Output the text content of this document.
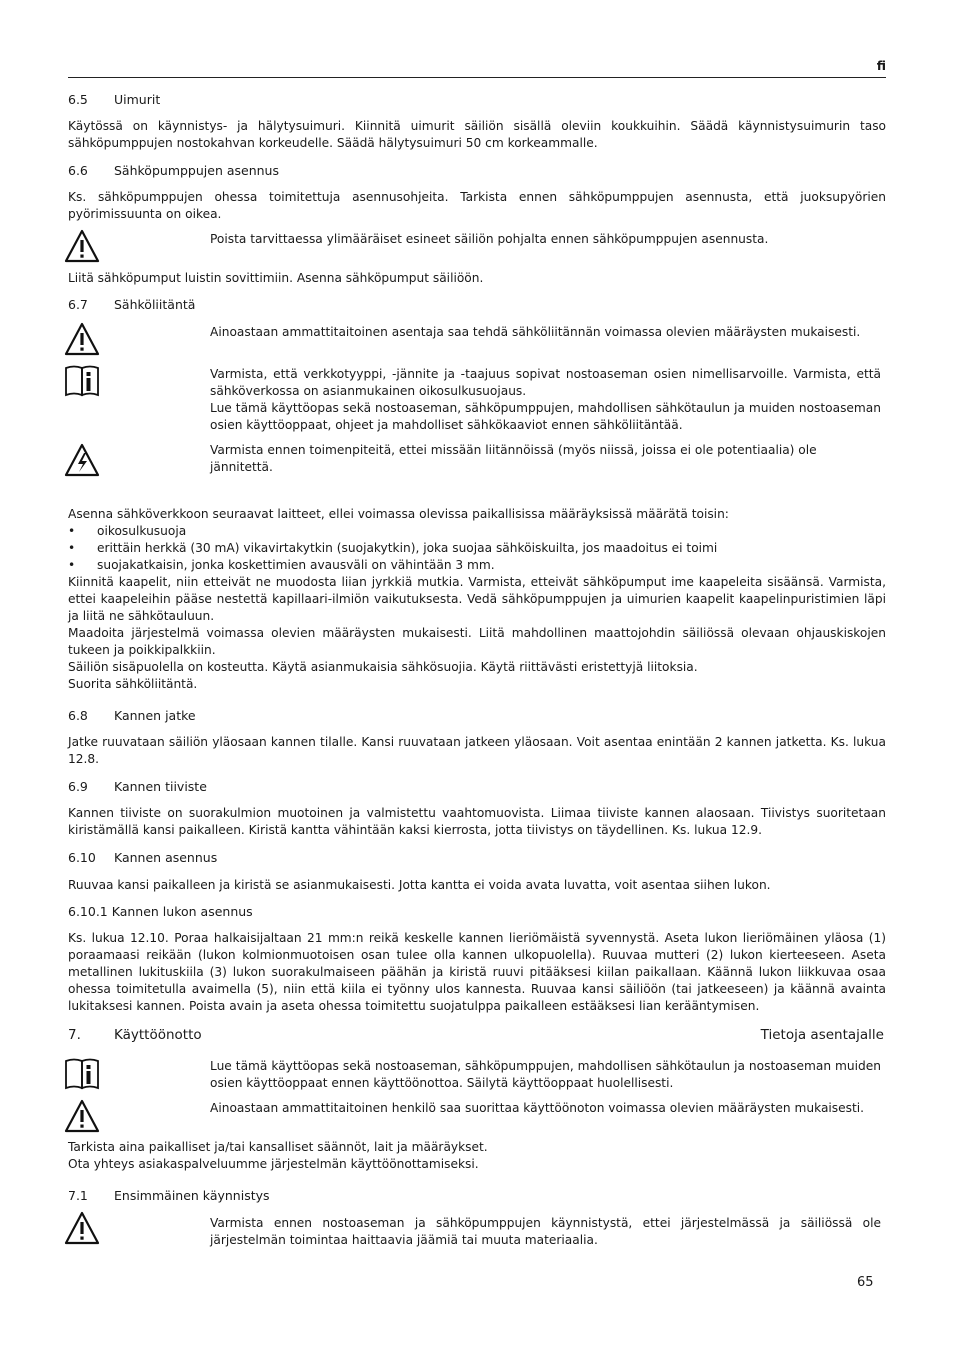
fi
6.5 Uimurit
Käytössä on käynnistys- ja hälytysuimuri. Kiinnitä uimurit säiliön sisällä oleviin koukkuihin. Säädä käynnistysuimurin taso sähköpumppujen nostokahvan korkeudelle. Säädä hälytysuimuri 50 cm korkeammalle.
6.6 Sähköpumppujen asennus
Ks. sähköpumppujen ohessa toimitettuja asennusohjeita. Tarkista ennen sähköpumppujen asennusta, että juoksupyörien pyörimissuunta on oikea.
Poista tarvittaessa ylimääräiset esineet säiliön pohjalta ennen sähköpumppujen asennusta.
Liitä sähköpumput luistin sovittimiin. Asenna sähköpumput säiliöön.
6.7 Sähköliitäntä
Ainoastaan ammattitaitoinen asentaja saa tehdä sähköliitännän voimassa olevien määräysten mukaisesti.
Varmista, että verkkotyyppi, -jännite ja -taajuus sopivat nostoaseman osien nimellisarvoille. Varmista, että sähköverkossa on asianmukainen oikosulkusuojaus.
Lue tämä käyttöopas sekä nostoaseman, sähköpumppujen, mahdollisen sähkötaulun ja muiden nostoaseman osien käyttöoppaat, ohjeet ja mahdolliset sähkökaaviot ennen sähköliitäntää.
Varmista ennen toimenpiteitä, ettei missään liitännöissä (myös niissä, joissa ei ole potentiaalia) ole jännitettä.
Asenna sähköverkkoon seuraavat laitteet, ellei voimassa olevissa paikallisissa määräyksissä määrätä toisin:
• oikosulkusuoja
• erittäin herkkä (30 mA) vikavirtakytkin (suojakytkin), joka suojaa sähköiskuilta, jos maadoitus ei toimi
• suojakatkaisin, jonka koskettimien avausväli on vähintään 3 mm.
Kiinnitä kaapelit, niin etteivät ne muodosta liian jyrkkiä mutkia. Varmista, etteivät sähköpumput ime kaapeleita sisäänsä. Varmista, ettei kaapeleihin pääse nestettä kapillaari-ilmiön vaikutuksesta. Vedä sähköpumppujen ja uimurien kaapelit kaapelinpuristimien läpi ja liitä ne sähkötauluun.
Maadoita järjestelmä voimassa olevien määräysten mukaisesti. Liitä mahdollinen maattojohdin säiliössä olevaan ohjauskiskojen tukeen ja poikkipalkkiin.
Säiliön sisäpuolella on kosteutta. Käytä asianmukaisia sähkösuojia. Käytä riittävästi eristettyjä liitoksia.
Suorita sähköliitäntä.
6.8 Kannen jatke
Jatke ruuvataan säiliön yläosaan kannen tilalle. Kansi ruuvataan jatkeen yläosaan. Voit asentaa enintään 2 kannen jatketta. Ks. lukua 12.8.
6.9 Kannen tiiviste
Kannen tiiviste on suorakulmion muotoinen ja valmistettu vaahtomuovista. Liimaa tiiviste kannen alaosaan. Tiivistys suoritetaan kiristämällä kansi paikalleen. Kiristä kantta vähintään kaksi kierrosta, jotta tiivistys on täydellinen. Ks. lukua 12.9.
6.10 Kannen asennus
Ruuvaa kansi paikalleen ja kiristä se asianmukaisesti. Jotta kantta ei voida avata luvatta, voit asentaa siihen lukon.
6.10.1 Kannen lukon asennus
Ks. lukua 12.10. Poraa halkaisijaltaan 21 mm:n reikä keskelle kannen lieriömäistä syvennystä. Aseta lukon lieriömäinen yläosa (1) poraamaasi reikään (lukon kolmionmuotoisen osan tulee olla kannen ulkopuolella). Ruuvaa mutteri (2) lukon kierteeseen. Aseta metallinen lukituskiila (3) lukon suorakulmaiseen päähän ja kiristä ruuvi pitääksesi kiilan paikallaan. Käännä lukon liikkuvaa osaa ohessa toimitetulla avaimella (5), niin että kiila ei työnny ulos kannesta. Ruuvaa kansi säiliöön (tai jatkeeseen) ja käännä avainta lukitaksesi kannen. Poista avain ja aseta ohessa toimitettu suojatulppa paikalleen estääksesi lian kerääntymisen.
7. Käyttöönotto	Tietoja asentajalle
Lue tämä käyttöopas sekä nostoaseman, sähköpumppujen, mahdollisen sähkötaulun ja nostoaseman muiden osien käyttöoppaat ennen käyttöönottoa. Säilytä käyttöoppaat huolellisesti.
Ainoastaan ammattitaitoinen henkilö saa suorittaa käyttöönoton voimassa olevien määräysten mukaisesti.
Tarkista aina paikalliset ja/tai kansalliset säännöt, lait ja määräykset.
Ota yhteys asiakaspalveluumme järjestelmän käyttöönottamiseksi.
7.1 Ensimmäinen käynnistys
Varmista ennen nostoaseman ja sähköpumppujen käynnistystä, ettei järjestelmässä ja säiliössä ole järjestelmän toimintaa haittaavia jäämiä tai muuta materiaalia.
65
